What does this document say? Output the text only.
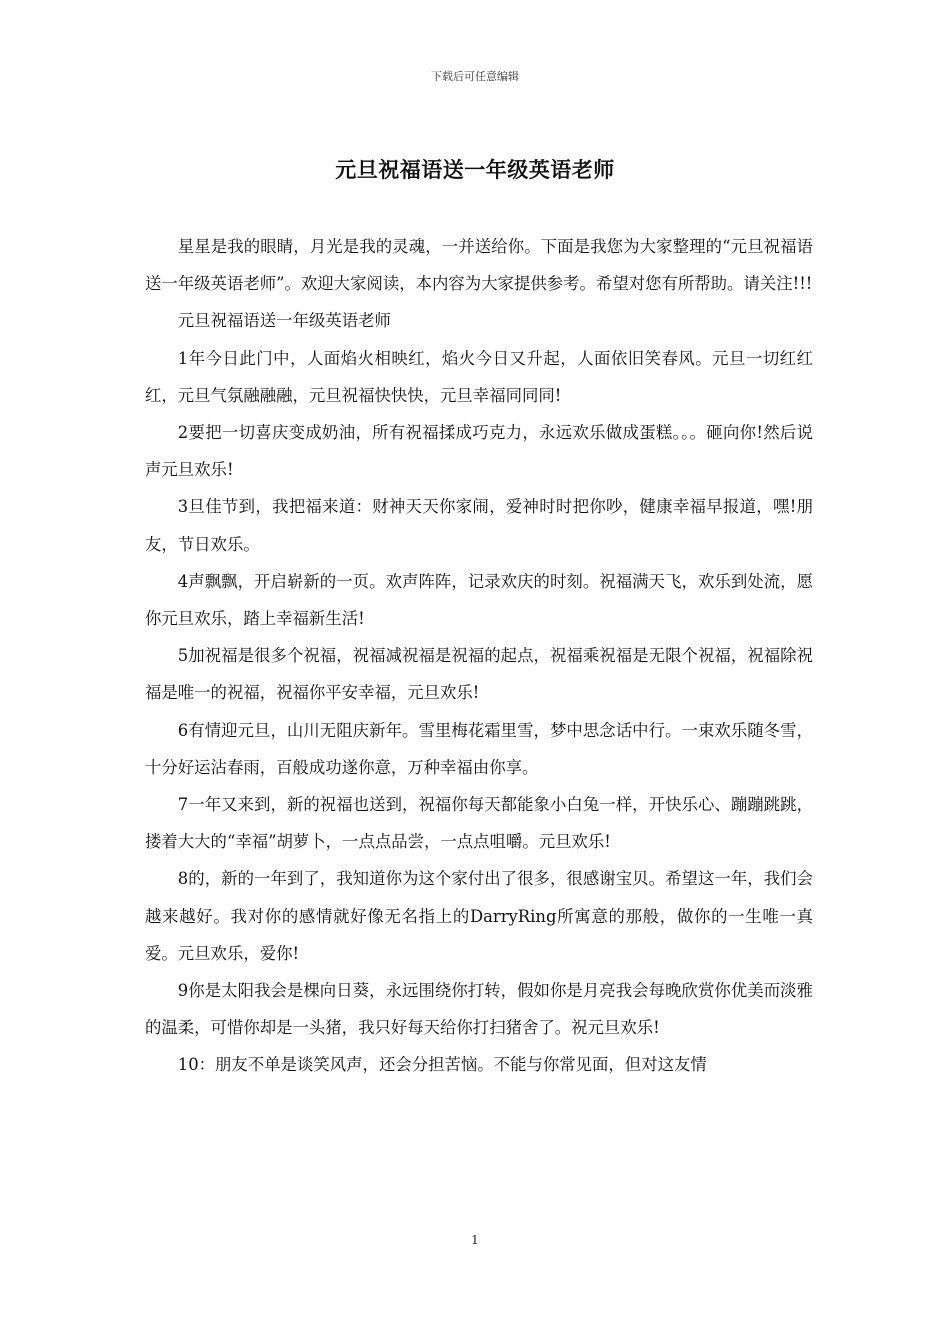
下载后可任意编辑
元旦祝福语送一年级英语老师

星星是我的眼睛，月光是我的灵魂，一并送给你。下面是我您为大家整理的“元旦祝福语送一年级英语老师”。欢迎大家阅读，本内容为大家提供参考。希望对您有所帮助。请关注!!!

元旦祝福语送一年级英语老师

1年今日此门中，人面焰火相映红，焰火今日又升起，人面依旧笑春风。元旦一切红红红，元旦气氛融融融，元旦祝福快快快，元旦幸福同同同!

2要把一切喜庆变成奶油，所有祝福揉成巧克力，永远欢乐做成蛋糕。。。砸向你!然后说声元旦欢乐!

3旦佳节到，我把福来道：财神天天你家闹，爱神时时把你吵，健康幸福早报道，嘿!朋友，节日欢乐。

4声飘飘，开启崭新的一页。欢声阵阵，记录欢庆的时刻。祝福满天飞，欢乐到处流，愿你元旦欢乐，踏上幸福新生活!

5加祝福是很多个祝福，祝福减祝福是祝福的起点，祝福乘祝福是无限个祝福，祝福除祝福是唯一的祝福，祝福你平安幸福，元旦欢乐!

6有情迎元旦，山川无阻庆新年。雪里梅花霜里雪，梦中思念话中行。一束欢乐随冬雪，十分好运沾春雨，百般成功遂你意，万种幸福由你享。

7一年又来到，新的祝福也送到，祝福你每天都能象小白兔一样，开快乐心、蹦蹦跳跳，搂着大大的“幸福”胡萝卜，一点点品尝，一点点咀嚼。元旦欢乐!

8的，新的一年到了，我知道你为这个家付出了很多，很感谢宝贝。希望这一年，我们会越来越好。我对你的感情就好像无名指上的DarryRing所寓意的那般，做你的一生唯一真爱。元旦欢乐，爱你!

9你是太阳我会是棵向日葵，永远围绕你打转，假如你是月亮我会每晚欣赏你优美而淡雅的温柔，可惜你却是一头猪，我只好每天给你打扫猪舍了。祝元旦欢乐!

10：朋友不单是谈笑风声，还会分担苦恼。不能与你常见面，但对这友情

1
